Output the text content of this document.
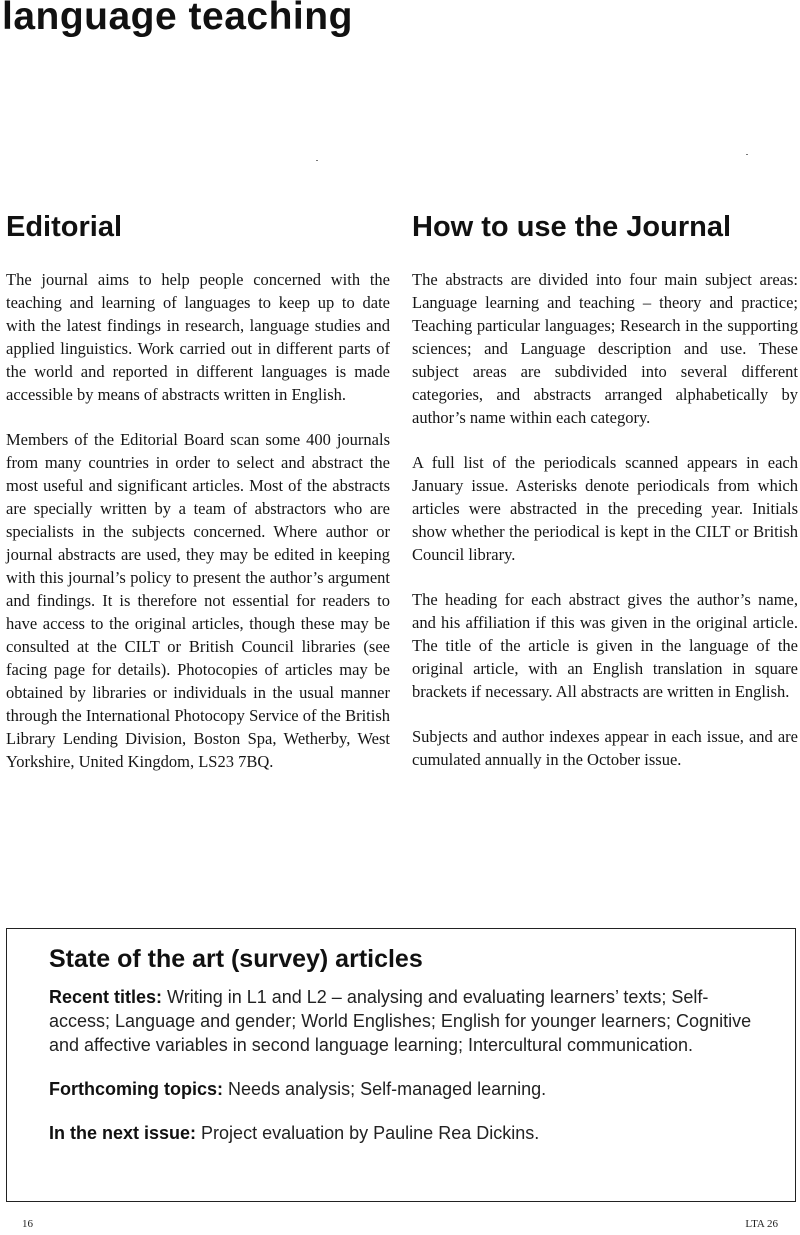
language teaching
Editorial

The journal aims to help people concerned with the teaching and learning of languages to keep up to date with the latest findings in research, language studies and applied linguistics. Work carried out in different parts of the world and reported in different languages is made accessible by means of abstracts written in English.

Members of the Editorial Board scan some 400 journals from many countries in order to select and abstract the most useful and significant articles. Most of the abstracts are specially written by a team of abstractors who are specialists in the subjects concerned. Where author or journal abstracts are used, they may be edited in keeping with this journal’s policy to present the author’s argument and findings. It is therefore not essential for readers to have access to the original articles, though these may be consulted at the CILT or British Council libraries (see facing page for details). Photocopies of articles may be obtained by libraries or individuals in the usual manner through the International Photocopy Service of the British Library Lending Division, Boston Spa, Wetherby, West Yorkshire, United Kingdom, LS23 7BQ.

How to use the Journal

The abstracts are divided into four main subject areas: Language learning and teaching – theory and practice; Teaching particular languages; Research in the supporting sciences; and Language description and use. These subject areas are subdivided into several different categories, and abstracts arranged alphabetically by author’s name within each category.

A full list of the periodicals scanned appears in each January issue. Asterisks denote periodicals from which articles were abstracted in the preceding year. Initials show whether the periodical is kept in the CILT or British Council library.

The heading for each abstract gives the author’s name, and his affiliation if this was given in the original article. The title of the article is given in the language of the original article, with an English translation in square brackets if necessary. All abstracts are written in English.

Subjects and author indexes appear in each issue, and are cumulated annually in the October issue.

State of the art (survey) articles

Recent titles: Writing in L1 and L2 – analysing and evaluating learners’ texts; Self-access; Language and gender; World Englishes; English for younger learners; Cognitive and affective variables in second language learning; Intercultural communication.

Forthcoming topics: Needs analysis; Self-managed learning.

In the next issue: Project evaluation by Pauline Rea Dickins.

16	LTA 26
